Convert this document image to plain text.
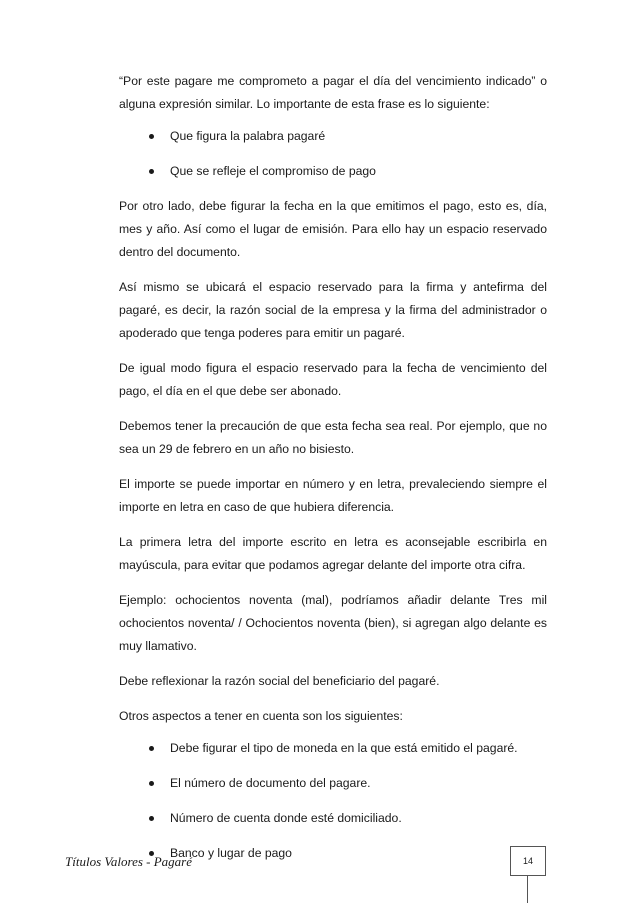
“Por este pagare me comprometo a pagar el día del vencimiento indicado” o alguna expresión similar. Lo importante de esta frase es lo siguiente:

Que figura la palabra pagaré
Que se refleje el compromiso de pago

Por otro lado, debe figurar la fecha en la que emitimos el pago, esto es, día, mes y año. Así como el lugar de emisión. Para ello hay un espacio reservado dentro del documento.

Así mismo se ubicará el espacio reservado para la firma y antefirma del pagaré, es decir, la razón social de la empresa y la firma del administrador o apoderado que tenga poderes para emitir un pagaré.

De igual modo figura el espacio reservado para la fecha de vencimiento del pago, el día en el que debe ser abonado.

Debemos tener la precaución de que esta fecha sea real. Por ejemplo, que no sea un 29 de febrero en un año no bisiesto.

El importe se puede importar en número y en letra, prevaleciendo siempre el importe en letra en caso de que hubiera diferencia.

La primera letra del importe escrito en letra es aconsejable escribirla en mayúscula, para evitar que podamos agregar delante del importe otra cifra.

Ejemplo: ochocientos noventa (mal), podríamos añadir delante Tres mil ochocientos noventa/ / Ochocientos noventa (bien), si agregan algo delante es muy llamativo.

Debe reflexionar la razón social del beneficiario del pagaré.

Otros aspectos a tener en cuenta son los siguientes:

Debe figurar el tipo de moneda en la que está emitido el pagaré.
El número de documento del pagare.
Número de cuenta donde esté domiciliado.
Banco y lugar de pago
Títulos Valores - Pagaré	14
